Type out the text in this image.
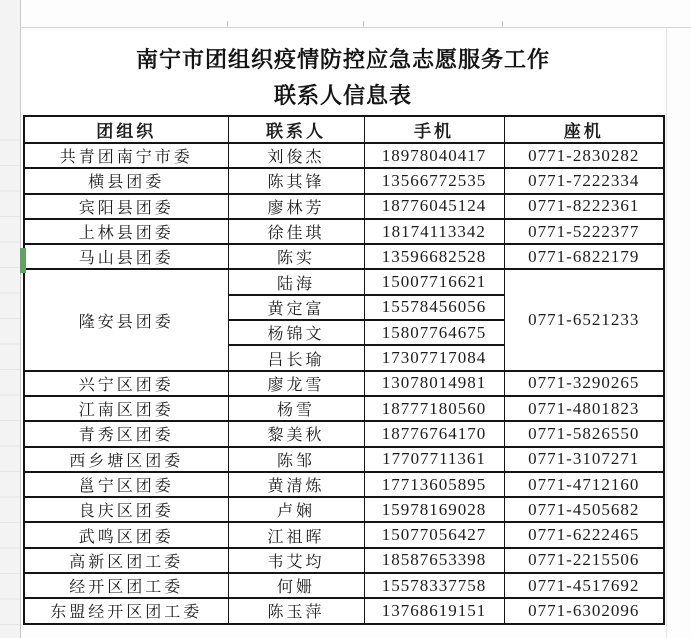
南宁市团组织疫情防控应急志愿服务工作
联系人信息表
团组织	联系人	手机	座机
共青团南宁市委	刘俊杰	18978040417	0771-2830282
横县团委	陈其锋	13566772535	0771-7222334
宾阳县团委	廖林芳	18776045124	0771-8222361
上林县团委	徐佳琪	18174113342	0771-5222377
马山县团委	陈实	13596682528	0771-6822179
隆安县团委	陆海	15007716621	0771-6521233
	黄定富	15578456056	
	杨锦文	15807764675	
	吕长瑜	17307717084	
兴宁区团委	廖龙雪	13078014981	0771-3290265
江南区团委	杨雪	18777180560	0771-4801823
青秀区团委	黎美秋	18776764170	0771-5826550
西乡塘区团委	陈邹	17707711361	0771-3107271
邕宁区团委	黄清炼	17713605895	0771-4712160
良庆区团委	卢娴	15978169028	0771-4505682
武鸣区团委	江祖晖	15077056427	0771-6222465
高新区团工委	韦艾均	18587653398	0771-2215506
经开区团工委	何姗	15578337758	0771-4517692
东盟经开区团工委	陈玉萍	13768619151	0771-6302096
